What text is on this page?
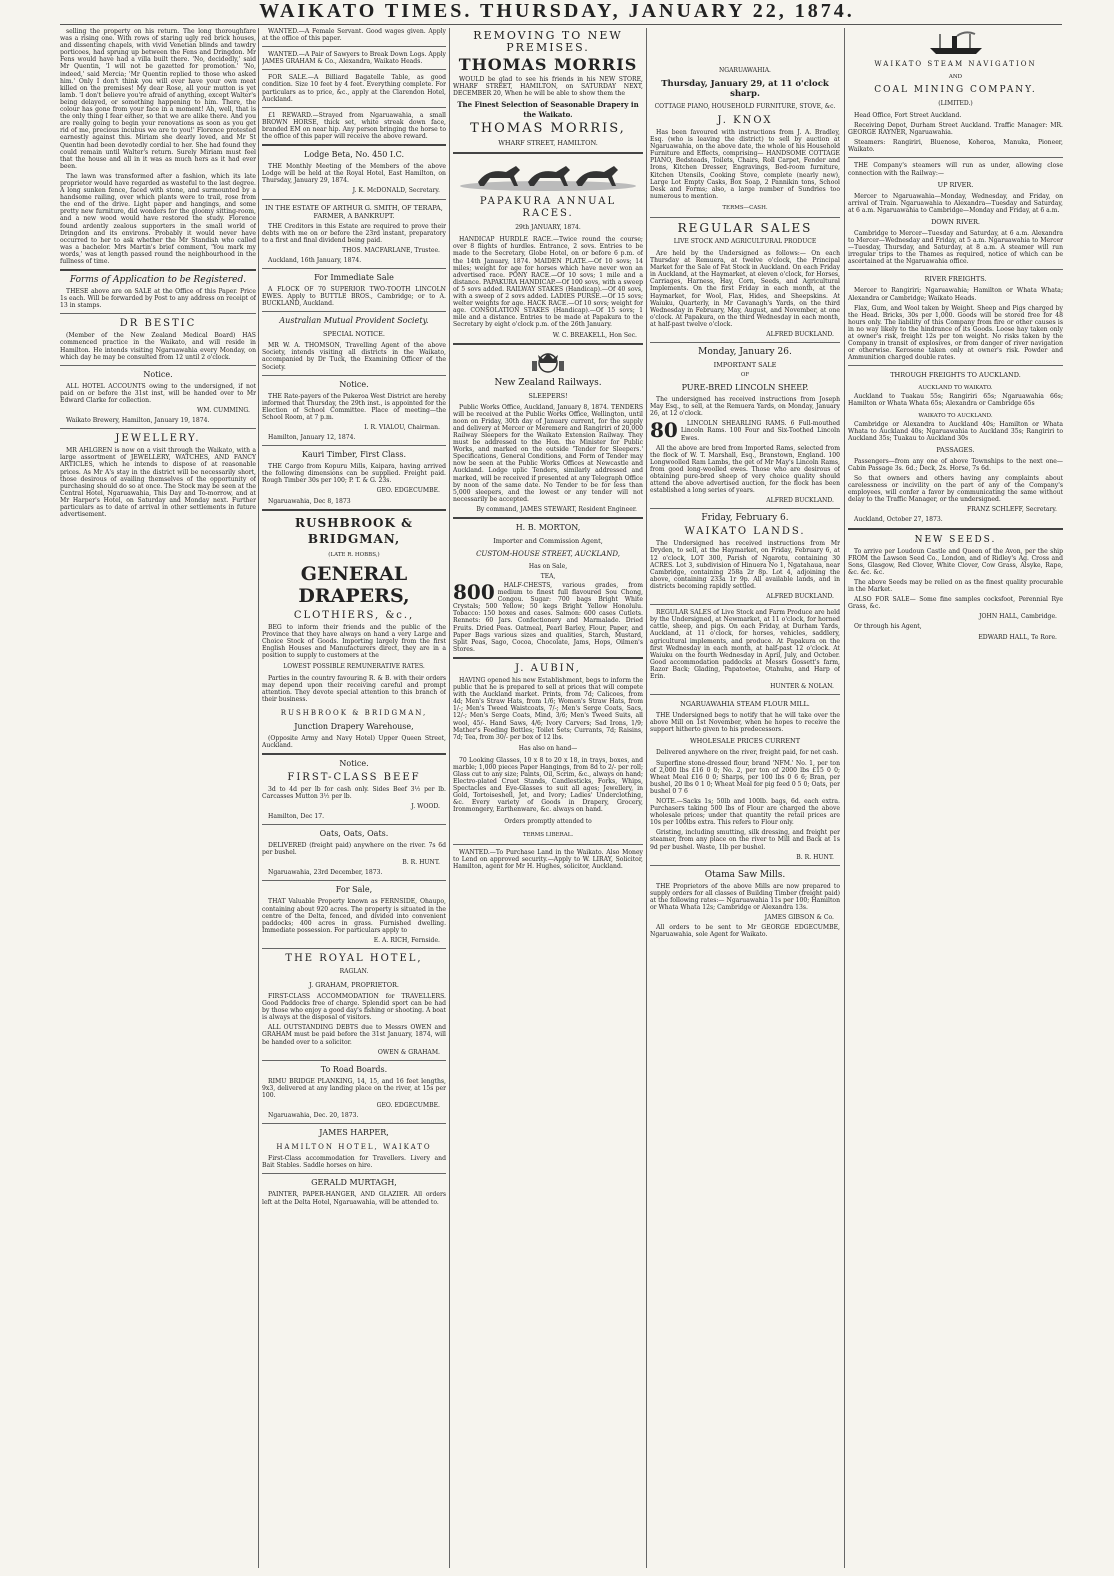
WAIKATO TIMES. THURSDAY, JANUARY 22, 1874.

selling the property on his return. The long thoroughfare was a rising one. With rows of staring ugly red brick houses, and dissenting chapels, with vivid Venetian blinds and tawdry porticoes, had sprung up between the Fens and Dringdon. Mr Fens would have had a villa built there. 'No, decidedly,' said Mr Quentin, 'I will not be gazetted for promotion.' 'No, indeed,' said Mercia; 'Mr Quentin replied to those who asked him.' Only I don't think you will ever have your own meat killed on the premises! My dear Rose, all your mutton is yet lamb. 'I don't believe you're afraid of anything, except Walter's being delayed, or something happening to him. There, the colour has gone from your face in a moment! Ah, well, that is the only thing I fear either, so that we are alike there. And you are really going to begin your renovations as soon as you get rid of me, precious incubus we are to you!' Florence protested earnestly against this. Miriam she dearly loved, and Mr St Quentin had been devotedly cordial to her. She had found they could remain until Walter's return. Surely Miriam must feel that the house and all in it was as much hers as it had ever been.

The lawn was transformed after a fashion, which its late proprietor would have regarded as wasteful to the last degree. A long sunken fence, faced with stone, and surmounted by a handsome railing, over which plants were to trail, rose from the end of the drive. Light paper and hangings, and some pretty new furniture, did wonders for the gloomy sitting-room, and a new wood would have restored the study. Florence found ardently zealous supporters in the small world of Dringdon and its environs. Probably it would never have occurred to her to ask whether the Mr Standish who called was a bachelor. Mrs Martin's brief comment, 'You mark my words,' was at length passed round the neighbourhood in the fullness of time.

Forms of Application to be Registered.

THESE above are on SALE at the Office of this Paper. Price 1s each. Will be forwarded by Post to any address on receipt of 13 in stamps.

DR BESTIC

(Member of the New Zealand Medical Board) HAS commenced practice in the Waikato, and will reside in Hamilton. He intends visiting Ngaruawahia every Monday, on which day he may be consulted from 12 until 2 o'clock.

Notice.

ALL HOTEL ACCOUNTS owing to the undersigned, if not paid on or before the 31st inst, will be handed over to Mr Edward Clarke for collection.

WM. CUMMING.

Waikato Brewery, Hamilton, January 19, 1874.

JEWELLERY.

MR AHLGREN is now on a visit through the Waikato, with a large assortment of JEWELLERY, WATCHES, AND FANCY ARTICLES, which he intends to dispose of at reasonable prices. As Mr A's stay in the district will be necessarily short, those desirous of availing themselves of the opportunity of purchasing should do so at once. The Stock may be seen at the Central Hotel, Ngaruawahia, This Day and To-morrow, and at Mr Harper's Hotel, on Saturday and Monday next. Further particulars as to date of arrival in other settlements in future advertisement.

WANTED.—A Female Servant. Good wages given. Apply at the office of this paper.

WANTED.—A Pair of Sawyers to Break Down Logs. Apply JAMES GRAHAM & Co., Alexandra, Waikato Heads.

FOR SALE.—A Billiard Bagatelle Table, as good condition. Size 10 feet by 4 feet. Everything complete. For particulars as to price, &c., apply at the Clarendon Hotel, Auckland.

£1 REWARD.—Strayed from Ngaruawahia, a small BROWN HORSE, thick set, white streak down face, branded EM on near hip. Any person bringing the horse to the office of this paper will receive the above reward.

Lodge Beta, No. 450 I.C.

THE Monthly Meeting of the Members of the above Lodge will be held at the Royal Hotel, East Hamilton, on Thursday, January 29, 1874.

J. K. McDONALD, Secretary.
IN THE ESTATE OF ARTHUR G. SMITH, OF TERAPA, FARMER, A BANKRUPT.

THE Creditors in this Estate are required to prove their debts with me on or before the 23rd instant, preparatory to a first and final dividend being paid.

THOS. MACFARLANE, Trustee.

Auckland, 16th January, 1874.

For Immediate Sale

A FLOCK OF 70 SUPERIOR TWO-TOOTH LINCOLN EWES. Apply to BUTTLE BROS., Cambridge; or to A. BUCKLAND, Auckland.

Australian Mutual Provident Society.
SPECIAL NOTICE.

MR W. A. THOMSON, Travelling Agent of the above Society, intends visiting all districts in the Waikato, accompanied by Dr Tuck, the Examining Officer of the Society.

Notice.

THE Rate-payers of the Pukeroa West District are hereby informed that Thursday, the 29th inst., is appointed for the Election of School Committee. Place of meeting—the School Room, at 7 p.m.

I. R. VIALOU, Chairman.

Hamilton, January 12, 1874.

Kauri Timber, First Class.

THE Cargo from Kopuru Mills, Kaipara, having arrived the following dimensions can be supplied. Freight paid. Rough Timber 30s per 100; P. T. & G. 23s.

GEO. EDGECUMBE.

Ngaruawahia, Dec 8, 1873

RUSHBROOK & BRIDGMAN,
(LATE R. HOBBS,)
GENERAL DRAPERS,
CLOTHIERS, &c.,

BEG to inform their friends and the public of the Province that they have always on hand a very Large and Choice Stock of Goods. Importing largely from the first English Houses and Manufacturers direct, they are in a position to supply to customers at the

LOWEST POSSIBLE REMUNERATIVE RATES.

Parties in the country favouring R. & B. with their orders may depend upon their receiving careful and prompt attention. They devote special attention to this branch of their business.

RUSHBROOK & BRIDGMAN,
Junction Drapery Warehouse,

(Opposite Army and Navy Hotel) Upper Queen Street, Auckland.

Notice.
FIRST-CLASS BEEF

3d to 4d per lb for cash only. Sides Beef 3½ per lb. Carcasses Mutton 3½ per lb.

J. WOOD.

Hamilton, Dec 17.

Oats, Oats, Oats.

DELIVERED (freight paid) anywhere on the river. 7s 6d per bushel.

B. R. HUNT.

Ngaruawahia, 23rd December, 1873.

For Sale,

THAT Valuable Property known as FERNSIDE, Ohaupo, containing about 920 acres. The property is situated in the centre of the Delta, fenced, and divided into convenient paddocks; 400 acres in grass. Furnished dwelling. Immediate possession. For particulars apply to

E. A. RICH, Fernside.
THE ROYAL HOTEL,
RAGLAN.
J. GRAHAM, PROPRIETOR.

FIRST-CLASS ACCOMMODATION for TRAVELLERS. Good Paddocks free of charge. Splendid sport can be had by those who enjoy a good day's fishing or shooting. A boat is always at the disposal of visitors.

ALL OUTSTANDING DEBTS due to Messrs OWEN and GRAHAM must be paid before the 31st January, 1874, will be handed over to a solicitor.

OWEN & GRAHAM.
To Road Boards.

RIMU BRIDGE PLANKING, 14, 15, and 16 feet lengths, 9x3, delivered at any landing place on the river, at 15s per 100.

GEO. EDGECUMBE.

Ngaruawahia, Dec. 20, 1873.

JAMES HARPER,
HAMILTON HOTEL, WAIKATO

First-Class accommodation for Travellers. Livery and Bait Stables. Saddle horses on hire.

GERALD MURTAGH,

PAINTER, PAPER-HANGER, AND GLAZIER. All orders left at the Delta Hotel, Ngaruawahia, will be attended to.

REMOVING TO NEW PREMISES.
THOMAS MORRIS

WOULD be glad to see his friends in his NEW STORE, WHARF STREET, HAMILTON, on SATURDAY NEXT, DECEMBER 20, When he will be able to show them the

The Finest Selection of Seasonable Drapery in the Waikato.
THOMAS MORRIS,
WHARF STREET, HAMILTON.
PAPAKURA ANNUAL RACES.
29th JANUARY, 1874.

HANDICAP HURDLE RACE.—Twice round the course; over 8 flights of hurdles. Entrance, 2 sovs. Entries to be made to the Secretary, Globe Hotel, on or before 6 p.m. of the 14th January, 1874. MAIDEN PLATE.—Of 10 sovs; 14 miles; weight for age for horses which have never won an advertised race. PONY RACE.—Of 10 sovs; 1 mile and a distance. PAPAKURA HANDICAP.—Of 100 sovs, with a sweep of 5 sovs added. RAILWAY STAKES (Handicap).—Of 40 sovs, with a sweep of 2 sovs added. LADIES PURSE.—Of 15 sovs; welter weights for age. HACK RACE.—Of 10 sovs; weight for age. CONSOLATION STAKES (Handicap).—Of 15 sovs; 1 mile and a distance. Entries to be made at Papakura to the Secretary by eight o'clock p.m. of the 26th January.

W. C. BREAKELL, Hon Sec.
New Zealand Railways.
SLEEPERS!

Public Works Office, Auckland, January 8, 1874. TENDERS will be received at the Public Works Office, Wellington, until noon on Friday, 30th day of January current, for the supply and delivery at Mercer or Meremere and Rangiriri of 20,000 Railway Sleepers for the Waikato Extension Railway. They must be addressed to the Hon. the Minister for Public Works, and marked on the outside 'Tender for Sleepers.' Specifications, General Conditions, and Form of Tender may now be seen at the Public Works Offices at Newcastle and Auckland. Lodge uplic Tenders, similarly addressed and marked, will be received if presented at any Telegraph Office by noon of the same date. No Tender to be for less than 5,000 sleepers, and the lowest or any tender will not necessarily be accepted.

By command, JAMES STEWART, Resident Engineer.
H. B. MORTON,
Importer and Commission Agent,
CUSTOM-HOUSE STREET, AUCKLAND,
Has on Sale,
TEA,
800	HALF-CHESTS, various grades, from medium to finest full flavoured Sou Chong, Congou. Sugar: 700 bags Bright White Crystals; 500 Yellow; 50 kegs Bright Yellow Honolulu. Tobacco: 150 boxes and cases. Salmon: 600 cases Cutlets. Rennets: 60 Jars. Confectionery and Marmalade. Dried Fruits. Dried Peas. Oatmeal, Pearl Barley, Flour, Paper, and Paper Bags various sizes and qualities, Starch, Mustard, Split Peas, Sago, Cocoa, Chocolate, Jams, Hops, Oilmen's Stores.

J. AUBIN,

HAVING opened his new Establishment, begs to inform the public that he is prepared to sell at prices that will compete with the Auckland market. Prints, from 7d; Calicoes, from 4d; Men's Straw Hats, from 1/6; Women's Straw Hats, from 1/-; Men's Tweed Waistcoats, 7/-; Men's Serge Coats, Sacs, 12/-; Men's Serge Coats, Mind, 3/6; Men's Tweed Suits, all wool, 45/-. Hand Saws, 4/6; Ivory Carvers; Sad Irons, 1/9; Mather's Feeding Bottles; Toilet Sets; Currants, 7d; Raisins, 7d; Tea, from 30/- per box of 12 lbs.

Has also on hand—

70 Looking Glasses, 10 x 8 to 20 x 18, in trays, boxes, and marble; 1,000 pieces Paper Hangings, from 8d to 2/- per roll; Glass cut to any size; Paints, Oil, Scrim, &c., always on hand; Electro-plated Cruet Stands, Candlesticks, Forks, Whips, Spectacles and Eye-Glasses to suit all ages; Jewellery, in Gold, Tortoiseshell, Jet, and Ivory; Ladies' Underclothing, &c. Every variety of Goods in Drapery, Grocery, Ironmongery, Earthenware, &c. always on hand.

Orders promptly attended to
TERMS LIBERAL.

WANTED.—To Purchase Land in the Waikato. Also Money to Lend on approved security.—Apply to W. LIRAY, Solicitor, Hamilton, agent for Mr H. Hughes, solicitor, Auckland.

NGARUAWAHIA.
Thursday, January 29, at 11 o'clock sharp.
COTTAGE PIANO, HOUSEHOLD FURNITURE, STOVE, &c.
J. KNOX

Has been favoured with instructions from J. A. Bradley, Esq. (who is leaving the district) to sell by auction at Ngaruawahia, on the above date, the whole of his Household Furniture and Effects, comprising— HANDSOME COTTAGE PIANO, Bedsteads, Toilets, Chairs, Roll Carpet, Fender and Irons, Kitchen Dresser, Engravings, Bed-room furniture, Kitchen Utensils, Cooking Stove, complete (nearly new), Large Lot Empty Casks, Box Soap, 2 Pannikin tons, School Desk and Forms; also, a large number of Sundries too numerous to mention.

TERMS—CASH.
REGULAR SALES
LIVE STOCK AND AGRICULTURAL PRODUCE

Are held by the Undersigned as follows:— On each Thursday at Remuera, at twelve o'clock, the Principal Market for the Sale of Fat Stock in Auckland. On each Friday in Auckland, at the Haymarket, at eleven o'clock, for Horses, Carriages, Harness, Hay, Corn, Seeds, and Agricultural Implements. On the first Friday in each month, at the Haymarket, for Wool, Flax, Hides, and Sheepskins. At Waiuku, Quarterly, in Mr Cavanagh's Yards, on the third Wednesday in February, May, August, and November, at one o'clock. At Papakura, on the third Wednesday in each month, at half-past twelve o'clock.

ALFRED BUCKLAND.
Monday, January 26.
IMPORTANT SALE
OF
PURE-BRED LINCOLN SHEEP.

The undersigned has received instructions from Joseph May Esq., to sell, at the Remuera Yards, on Monday, January 26, at 12 o'clock.

80	LINCOLN SHEARLING RAMS. 6 Full-mouthed Lincoln Rams. 100 Four and Six-Toothed Lincoln Ewes.

All the above are bred from Imported Rams, selected from the flock of W. T. Marshall, Esq., Branstown, England. 100 Longwoolled Ram Lambs, the get of Mr May's Lincoln Rams, from good long-woolled ewes. Those who are desirous of obtaining pure-bred sheep of very choice quality should attend the above advertised auction, for the flock has been established a long series of years.

ALFRED BUCKLAND.
Friday, February 6.
WAIKATO LANDS.

The Undersigned has received instructions from Mr Dryden, to sell, at the Haymarket, on Friday, February 6, at 12 o'clock, LOT 300, Parish of Ngarotu, containing 30 ACRES. Lot 3, subdivision of Hinuera No 1, Ngatahaua, near Cambridge, containing 258a 2r 8p. Lot 4, adjoining the above, containing 233a 1r 9p. All available lands, and in districts becoming rapidly settled.

ALFRED BUCKLAND.

REGULAR SALES of Live Stock and Farm Produce are held by the Undersigned, at Newmarket, at 11 o'clock, for horned cattle, sheep, and pigs. On each Friday, at Durham Yards, Auckland, at 11 o'clock, for horses, vehicles, saddlery, agricultural implements, and produce. At Papakura on the first Wednesday in each month, at half-past 12 o'clock. At Waiuku on the fourth Wednesday in April, July, and October. Good accommodation paddocks at Messrs Gossett's farm, Razor Back; Glading, Papatoetoe, Otahuhu, and Harp of Erin.

HUNTER & NOLAN.
NGARUAWAHIA STEAM FLOUR MILL.

THE Undersigned begs to notify that he will take over the above Mill on 1st November, when he hopes to receive the support hitherto given to his predecessors.

WHOLESALE PRICES CURRENT

Delivered anywhere on the river, freight paid, for net cash.

Superfine stone-dressed flour, brand 'NFM.' No. 1, per ton of 2,000 lbs £16 0 0; No. 2, per ton of 2000 lbs £15 0 0; Wheat Meal £16 0 0; Sharps, per 100 lbs 0 6 6; Bran, per bushel, 20 lbs 0 1 0; Wheat Meal for pig feed 0 5 0; Oats, per bushel 0 7 6

NOTE.—Sacks 1s; 50lb and 100lb. bags, 6d. each extra. Purchasers taking 500 lbs of Flour are charged the above wholesale prices; under that quantity the retail prices are 10s per 100lbs extra. This refers to Flour only.

Gristing, including smutting, silk dressing, and freight per steamer, from any place on the river to Mill and Back at 1s 9d per bushel. Waste, 1lb per bushel.

B. R. HUNT.
Otama Saw Mills.

THE Proprietors of the above Mills are now prepared to supply orders for all classes of Building Timber (freight paid) at the following rates:— Ngaruawahia 11s per 100; Hamilton or Whata Whata 12s; Cambridge or Alexandra 13s.

JAMES GIBSON & Co.

All orders to be sent to Mr GEORGE EDGECUMBE, Ngaruawahia, sole Agent for Waikato.

WAIKATO STEAM NAVIGATION
AND
COAL MINING COMPANY.
(LIMITED.)

Head Office, Fort Street Auckland.

Receiving Depot, Durham Street Auckland. Traffic Manager: MR. GEORGE RAYNER, Ngaruawahia.

Steamers: Rangiriri, Bluenose, Koheroa, Manuka, Pioneer, Waikato.

THE Company's steamers will run as under, allowing close connection with the Railway:—

UP RIVER.

Mercer to Ngaruawahia—Monday, Wednesday, and Friday, on arrival of Train. Ngaruawahia to Alexandra—Tuesday and Saturday, at 6 a.m. Ngaruawahia to Cambridge—Monday and Friday, at 6 a.m.

DOWN RIVER.

Cambridge to Mercer—Tuesday and Saturday, at 6 a.m. Alexandra to Mercer—Wednesday and Friday, at 5 a.m. Ngaruawahia to Mercer—Tuesday, Thursday, and Saturday, at 8 a.m. A steamer will run irregular trips to the Thames as required, notice of which can be ascertained at the Ngaruawahia office.

RIVER FREIGHTS.

Mercer to Rangiriri; Ngaruawahia; Hamilton or Whata Whata; Alexandra or Cambridge; Waikato Heads.

Flax, Gum, and Wool taken by Weight. Sheep and Pigs charged by the Head. Bricks, 30s per 1,000. Goods will be stored free for 48 hours only. The liability of this Company from fire or other causes is in no way likely to the hindrance of its Goods. Loose hay taken only at owner's risk, freight 12s per ton weight. No risks taken by the Company in transit of explosives, or from danger of river navigation or otherwise. Kerosene taken only at owner's risk. Powder and Ammunition charged double rates.

THROUGH FREIGHTS TO AUCKLAND.
AUCKLAND TO WAIKATO.

Auckland to Tuakau 55s; Rangiriri 65s; Ngaruawahia 66s; Hamilton or Whata Whata 65s; Alexandra or Cambridge 65s

WAIKATO TO AUCKLAND.

Cambridge or Alexandra to Auckland 40s; Hamilton or Whata Whata to Auckland 40s; Ngaruawahia to Auckland 35s; Rangiriri to Auckland 35s; Tuakau to Auckland 30s

PASSAGES.

Passengers—from any one of above Townships to the next one—Cabin Passage 3s. 6d.; Deck, 2s. Horse, 7s 6d.

So that owners and others having any complaints about carelessness or incivility on the part of any of the Company's employees, will confer a favor by communicating the same without delay to the Traffic Manager, or the undersigned.

FRANZ SCHLEFF, Secretary.

Auckland, October 27, 1873.

NEW SEEDS.

To arrive per Loudoun Castle and Queen of the Avon, per the ship FROM the Lawson Seed Co., London, and of Ridley's Ag. Cross and Sons, Glasgow, Red Clover, White Clover, Cow Grass, Alsyke, Rape, &c. &c. &c.

The above Seeds may be relied on as the finest quality procurable in the Market.

ALSO FOR SALE— Some fine samples cocksfoot, Perennial Rye Grass, &c.

JOHN HALL, Cambridge.

Or through his Agent,

EDWARD HALL, Te Rore.
